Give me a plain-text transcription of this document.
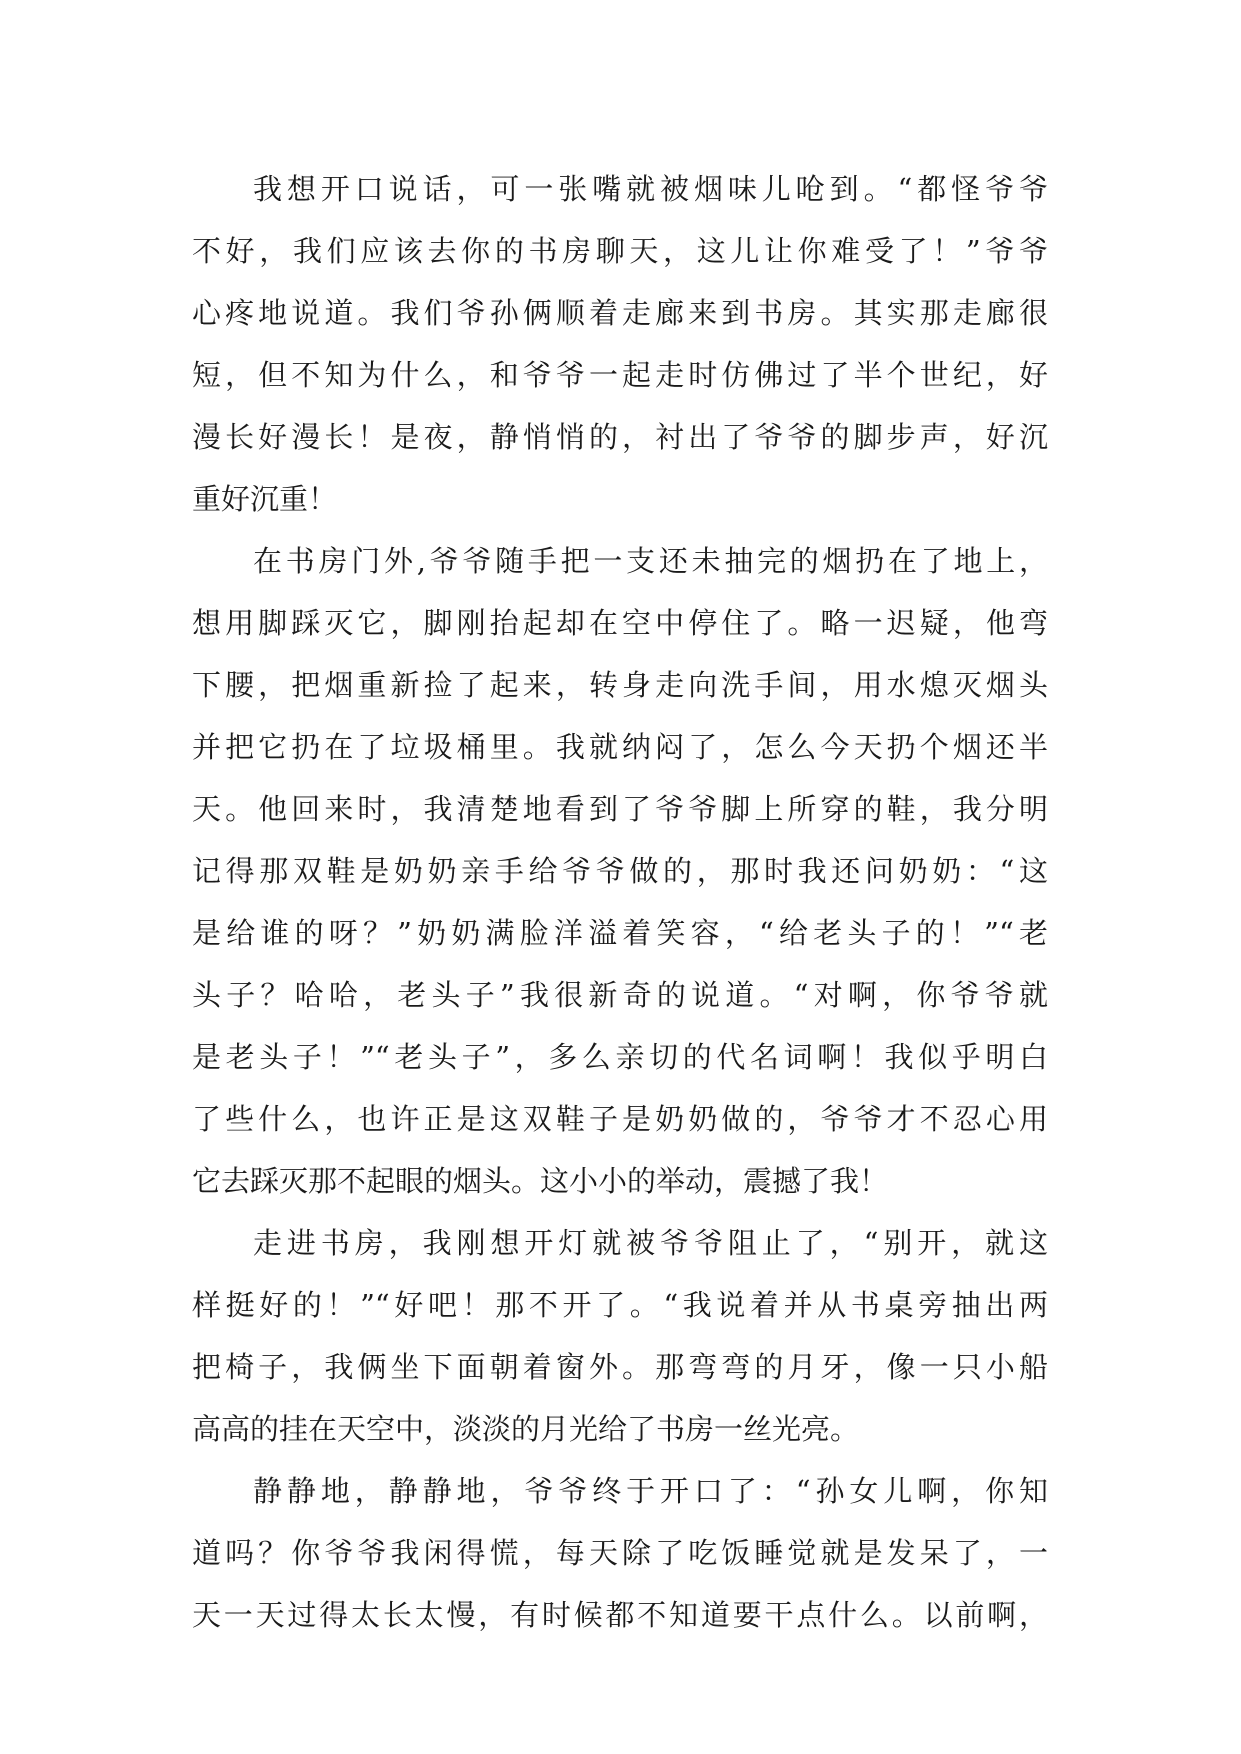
我想开口说话，可一张嘴就被烟味儿呛到。“都怪爷爷
不好，我们应该去你的书房聊天，这儿让你难受了！”爷爷
心疼地说道。我们爷孙俩顺着走廊来到书房。其实那走廊很
短，但不知为什么，和爷爷一起走时仿佛过了半个世纪，好
漫长好漫长！是夜，静悄悄的，衬出了爷爷的脚步声，好沉
重好沉重！
在书房门外,爷爷随手把一支还未抽完的烟扔在了地上，
想用脚踩灭它，脚刚抬起却在空中停住了。略一迟疑，他弯
下腰，把烟重新捡了起来，转身走向洗手间，用水熄灭烟头
并把它扔在了垃圾桶里。我就纳闷了，怎么今天扔个烟还半
天。他回来时，我清楚地看到了爷爷脚上所穿的鞋，我分明
记得那双鞋是奶奶亲手给爷爷做的，那时我还问奶奶：“这
是给谁的呀？”奶奶满脸洋溢着笑容，“给老头子的！”“老
头子？哈哈，老头子”我很新奇的说道。“对啊，你爷爷就
是老头子！”“老头子”，多么亲切的代名词啊！我似乎明白
了些什么，也许正是这双鞋子是奶奶做的，爷爷才不忍心用
它去踩灭那不起眼的烟头。这小小的举动，震撼了我！
走进书房，我刚想开灯就被爷爷阻止了，“别开，就这
样挺好的！”“好吧！那不开了。“我说着并从书桌旁抽出两
把椅子，我俩坐下面朝着窗外。那弯弯的月牙，像一只小船
高高的挂在天空中，淡淡的月光给了书房一丝光亮。
静静地，静静地，爷爷终于开口了：“孙女儿啊，你知
道吗？你爷爷我闲得慌，每天除了吃饭睡觉就是发呆了，一
天一天过得太长太慢，有时候都不知道要干点什么。以前啊，
